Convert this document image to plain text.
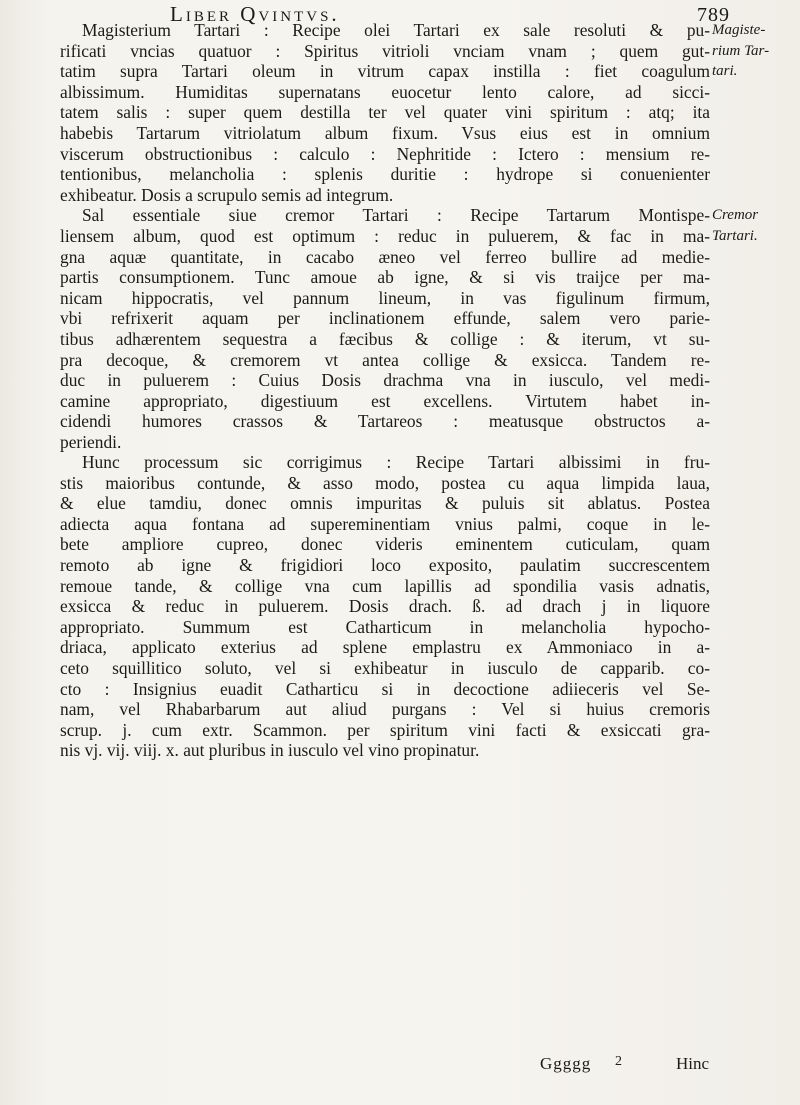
Liber Qvintvs.	789
Magisterium Tartari : Recipe olei Tartari ex sale resoluti & pu-
rificati vncias quatuor : Spiritus vitrioli vnciam vnam ; quem gut-
tatim supra Tartari oleum in vitrum capax instilla : fiet coagulum
albissimum. Humiditas supernatans euocetur lento calore, ad sicci-
tatem salis : super quem destilla ter vel quater vini spiritum : atq; ita
habebis Tartarum vitriolatum album fixum. Vsus eius est in omnium
viscerum obstructionibus : calculo : Nephritide : Ictero : mensium re-
tentionibus, melancholia : splenis duritie : hydrope si conuenienter
exhibeatur. Dosis a scrupulo semis ad integrum.
Sal essentiale siue cremor Tartari : Recipe Tartarum Montispe-
liensem album, quod est optimum : reduc in puluerem, & fac in ma-
gna aquæ quantitate, in cacabo æneo vel ferreo bullire ad medie-
partis consumptionem. Tunc amoue ab igne, & si vis traijce per ma-
nicam hippocratis, vel pannum lineum, in vas figulinum firmum,
vbi refrixerit aquam per inclinationem effunde, salem vero parie-
tibus adhærentem sequestra a fæcibus & collige : & iterum, vt su-
pra decoque, & cremorem vt antea collige & exsicca. Tandem re-
duc in puluerem : Cuius Dosis drachma vna in iusculo, vel medi-
camine appropriato, digestiuum est excellens. Virtutem habet in-
cidendi humores crassos & Tartareos : meatusque obstructos a-
periendi.
Hunc processum sic corrigimus : Recipe Tartari albissimi in fru-
stis maioribus contunde, & asso modo, postea cu aqua limpida laua,
& elue tamdiu, donec omnis impuritas & puluis sit ablatus. Postea
adiecta aqua fontana ad supereminentiam vnius palmi, coque in le-
bete ampliore cupreo, donec videris eminentem cuticulam, quam
remoto ab igne & frigidiori loco exposito, paulatim succrescentem
remoue tande, & collige vna cum lapillis ad spondilia vasis adnatis,
exsicca & reduc in puluerem. Dosis drach. ß. ad drach j in liquore
appropriato. Summum est Catharticum in melancholia hypocho-
driaca, applicato exterius ad splene emplastru ex Ammoniaco in a-
ceto squillitico soluto, vel si exhibeatur in iusculo de capparib. co-
cto : Insignius euadit Catharticu si in decoctione adiieceris vel Se-
nam, vel Rhabarbarum aut aliud purgans : Vel si huius cremoris
scrup. j. cum extr. Scammon. per spiritum vini facti & exsiccati gra-
nis vj. vij. viij. x. aut pluribus in iusculo vel vino propinatur.
Magiste-
rium Tar-
tari.
Cremor
Tartari.
Ggggg 2	Hinc
